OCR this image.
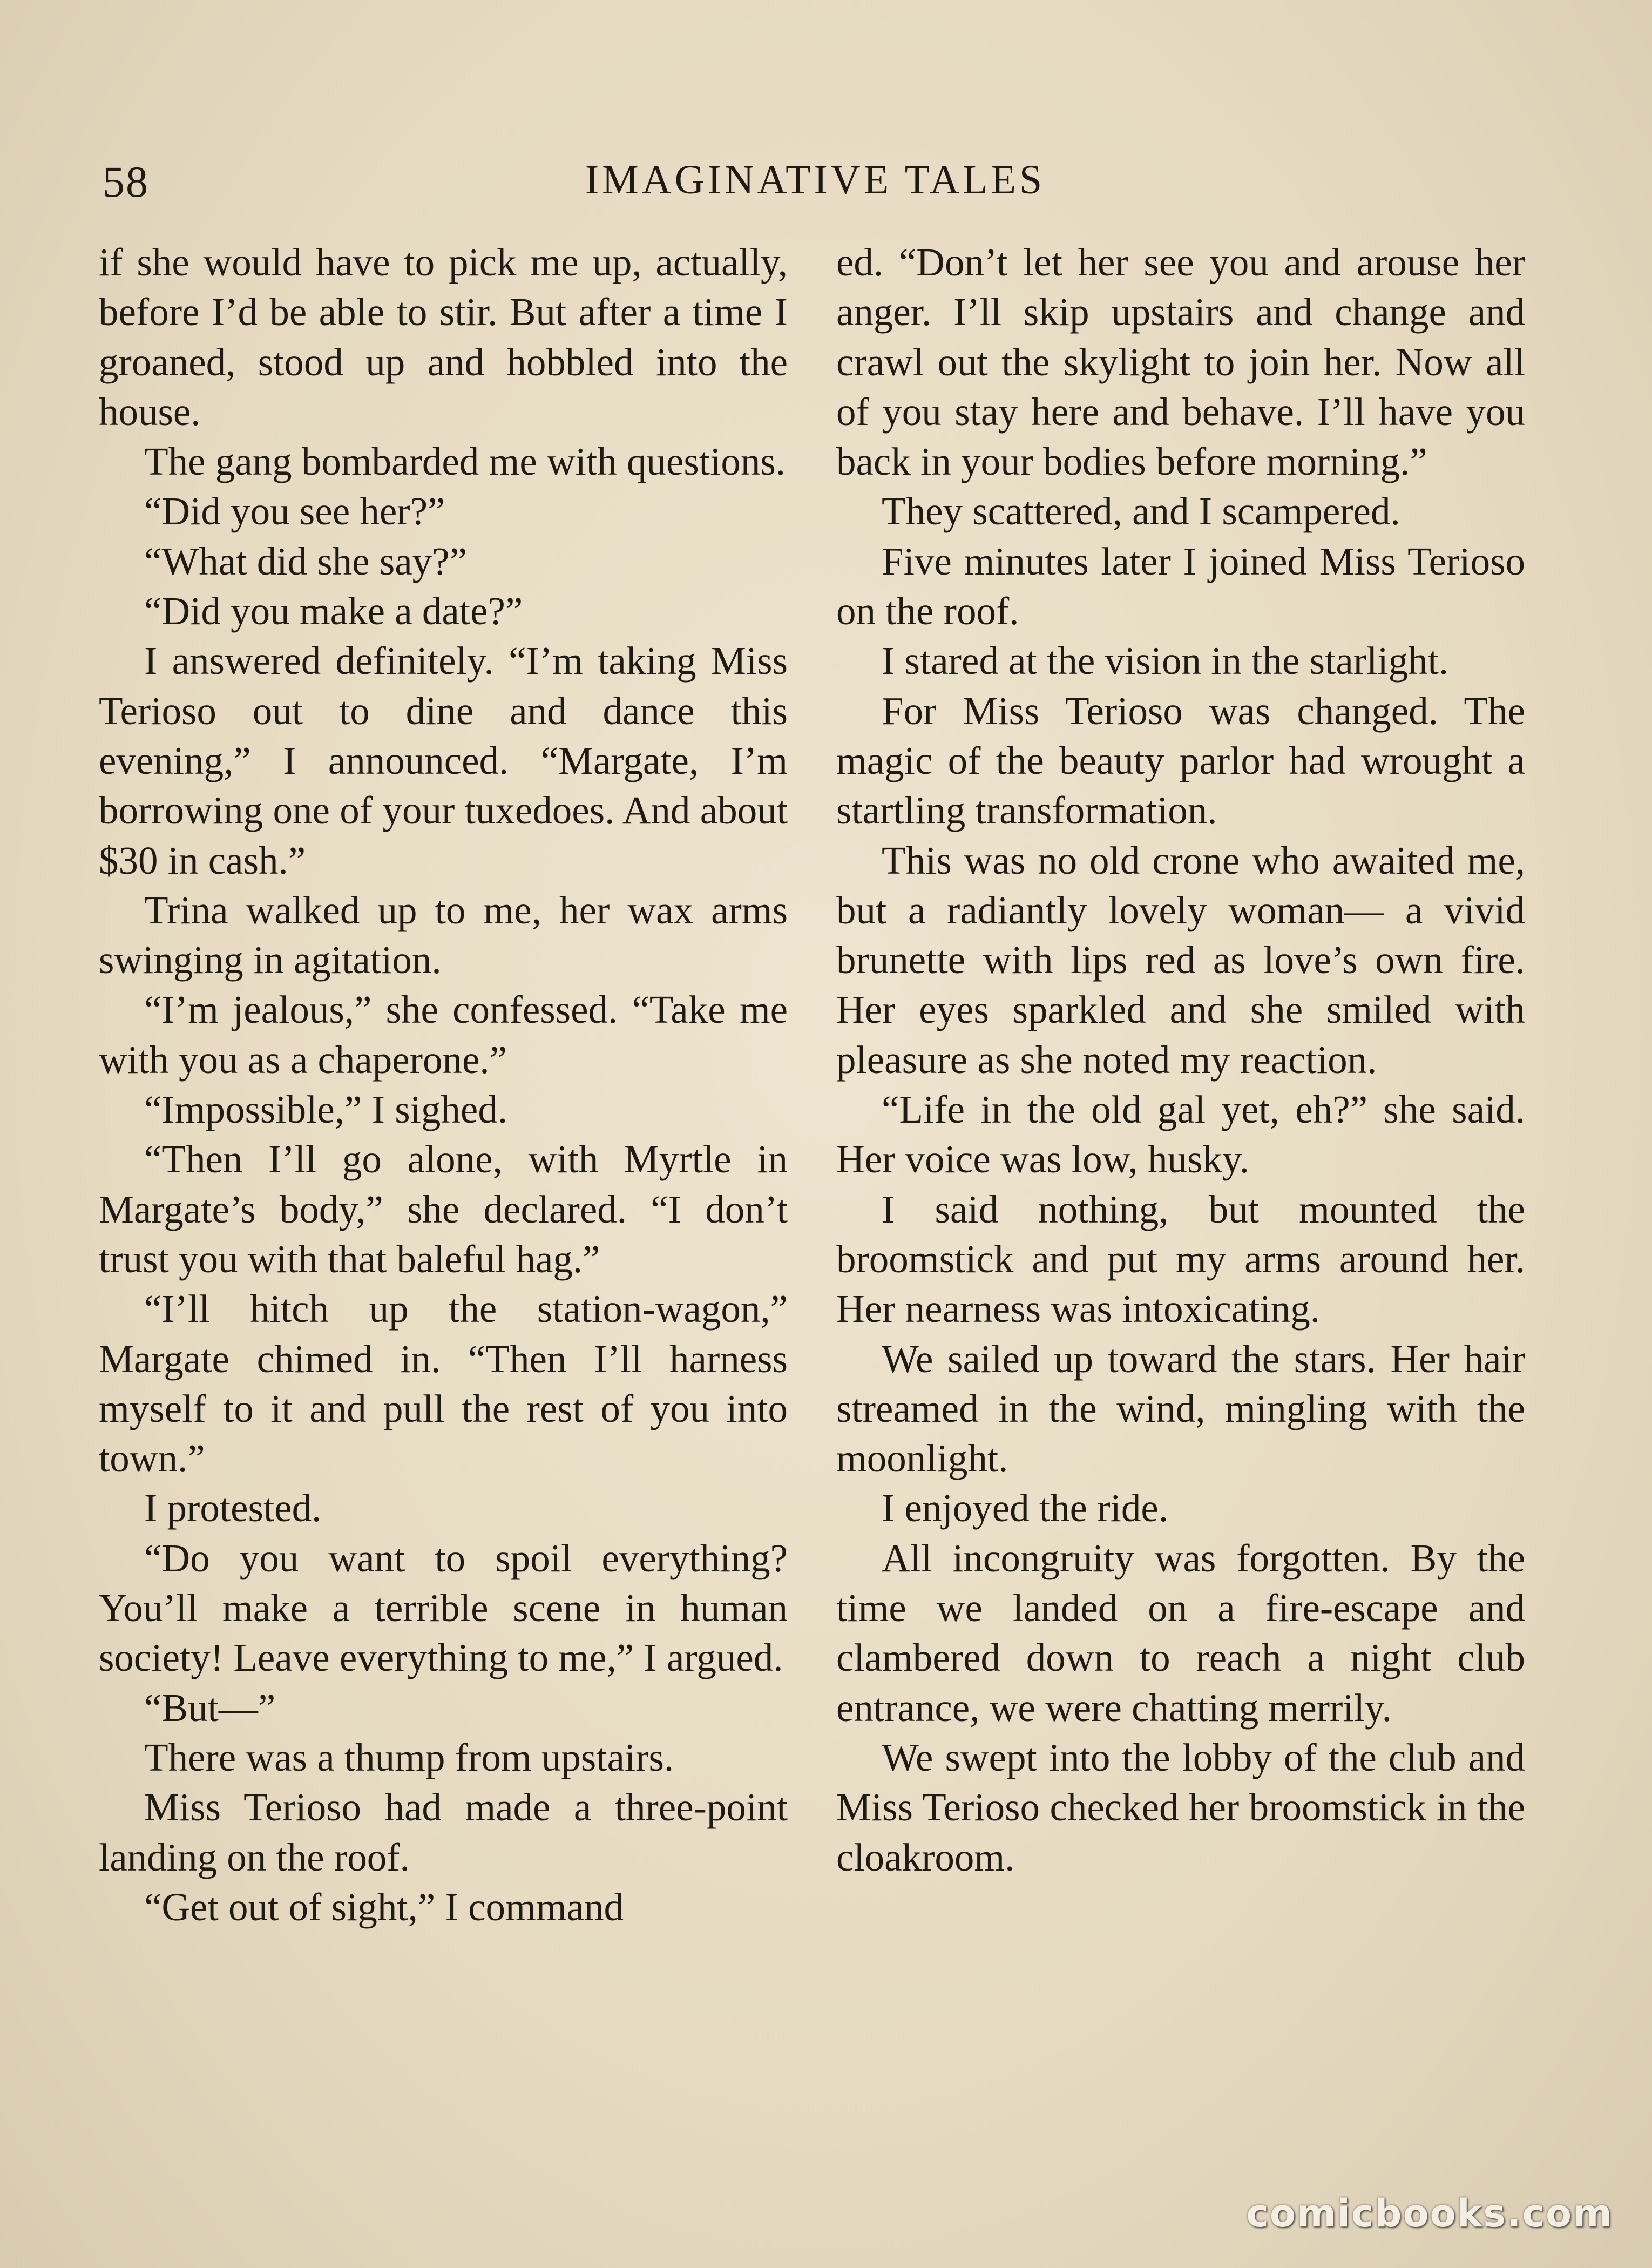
58	IMAGINATIVE TALES

if she would have to pick me up, actually, before I’d be able to stir. But after a time I groaned, stood up and hobbled into the house.

The gang bombarded me with questions.

“Did you see her?”

“What did she say?”

“Did you make a date?”

I answered definitely. “I’m taking Miss Terioso out to dine and dance this evening,” I announced. “Margate, I’m borrowing one of your tuxedoes. And about $30 in cash.”

Trina walked up to me, her wax arms swinging in agitation.

“I’m jealous,” she confessed. “Take me with you as a chaperone.”

“Impossible,” I sighed.

“Then I’ll go alone, with Myrtle in Margate’s body,” she declared. “I don’t trust you with that baleful hag.”

“I’ll hitch up the station-wagon,” Margate chimed in. “Then I’ll harness myself to it and pull the rest of you into town.”

I protested.

“Do you want to spoil everything? You’ll make a terrible scene in human society! Leave everything to me,” I argued.

“But—”

There was a thump from upstairs.

Miss Terioso had made a three-point landing on the roof.

“Get out of sight,” I command

ed. “Don’t let her see you and arouse her anger. I’ll skip upstairs and change and crawl out the skylight to join her. Now all of you stay here and behave. I’ll have you back in your bodies before morning.”

They scattered, and I scampered.

Five minutes later I joined Miss Terioso on the roof.

I stared at the vision in the starlight.

For Miss Terioso was changed. The magic of the beauty parlor had wrought a startling transformation.

This was no old crone who awaited me, but a radiantly lovely woman— a vivid brunette with lips red as love’s own fire. Her eyes sparkled and she smiled with pleasure as she noted my reaction.

“Life in the old gal yet, eh?” she said. Her voice was low, husky.

I said nothing, but mounted the broomstick and put my arms around her. Her nearness was intoxicating.

We sailed up toward the stars. Her hair streamed in the wind, mingling with the moonlight.

I enjoyed the ride.

All incongruity was forgotten. By the time we landed on a fire-escape and clambered down to reach a night club entrance, we were chatting merrily.

We swept into the lobby of the club and Miss Terioso checked her broomstick in the cloakroom.

comicbooks.com
